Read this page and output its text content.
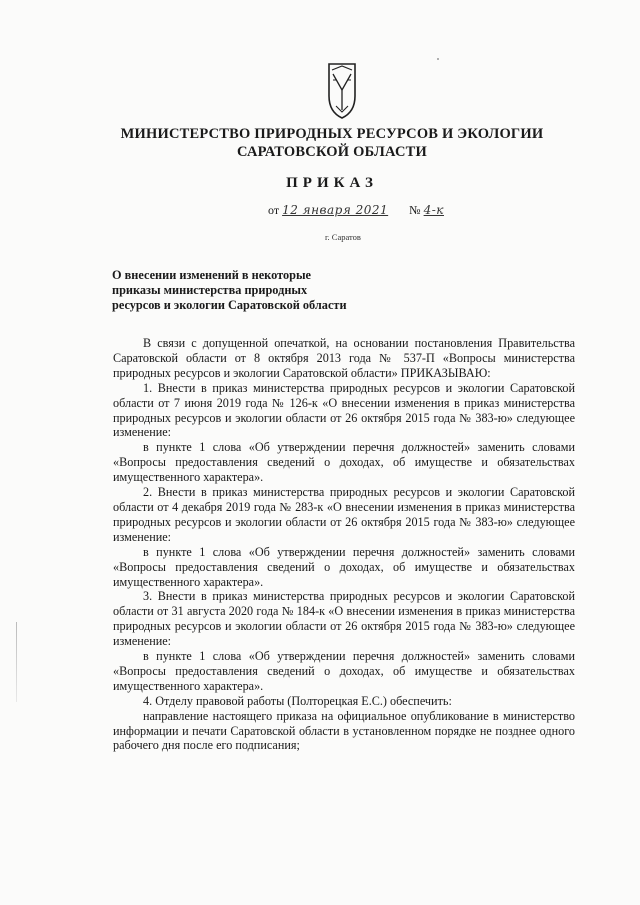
МИНИСТЕРСТВО ПРИРОДНЫХ РЕСУРСОВ И ЭКОЛОГИИ
САРАТОВСКОЙ ОБЛАСТИ
ПРИКАЗ
от 12 января 2021 № 4-к
г. Саратов
О внесении изменений в некоторые
приказы министерства природных
ресурсов и экологии Саратовской области

В связи с допущенной опечаткой, на основании постановления Правительства Саратовской области от 8 октября 2013 года № 537-П «Вопросы министерства природных ресурсов и экологии Саратовской области» ПРИКАЗЫВАЮ:

1. Внести в приказ министерства природных ресурсов и экологии Саратовской области от 7 июня 2019 года № 126-к «О внесении изменения в приказ министерства природных ресурсов и экологии области от 26 октября 2015 года № 383-ю» следующее изменение:

в пункте 1 слова «Об утверждении перечня должностей» заменить словами «Вопросы предоставления сведений о доходах, об имуществе и обязательствах имущественного характера».

2. Внести в приказ министерства природных ресурсов и экологии Саратовской области от 4 декабря 2019 года № 283-к «О внесении изменения в приказ министерства природных ресурсов и экологии области от 26 октября 2015 года № 383-ю» следующее изменение:

в пункте 1 слова «Об утверждении перечня должностей» заменить словами «Вопросы предоставления сведений о доходах, об имуществе и обязательствах имущественного характера».

3. Внести в приказ министерства природных ресурсов и экологии Саратовской области от 31 августа 2020 года № 184-к «О внесении изменения в приказ министерства природных ресурсов и экологии области от 26 октября 2015 года № 383-ю» следующее изменение:

в пункте 1 слова «Об утверждении перечня должностей» заменить словами «Вопросы предоставления сведений о доходах, об имуществе и обязательствах имущественного характера».

4. Отделу правовой работы (Полторецкая Е.С.) обеспечить:

направление настоящего приказа на официальное опубликование в министерство информации и печати Саратовской области в установленном порядке не позднее одного рабочего дня после его подписания;
